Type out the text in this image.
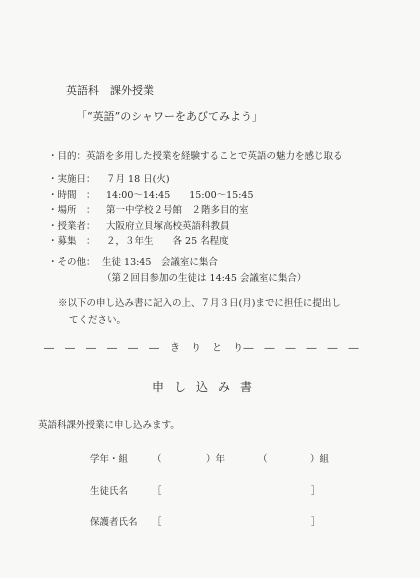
英語科　課外授業
「“英語”のシャワーをあびてみよう」
・目的：英語を多用した授業を経験することで英語の魅力を感じ取る
・実施日：	７月 18 日(火)
・時間　：	14:00～14:45　　15:00～15:45
・場所　：	第一中学校２号館　２階多目的室
・授業者：	大阪府立貝塚高校英語科教員
・募集　：	２，３年生　　各 25 名程度
・その他： 生徒 13:45　会議室に集合
（第２回目参加の生徒は 14:45 会議室に集合）
※以下の申し込み書に記入の上、７月３日(月)までに担任に提出し
てください。
―　―　―　―　―　―　き　り　と　り―　―　―　―　―　―
申し込み書
英語科課外授業に申し込みます。
学年・組	（	）年	（	）組
生徒氏名	［	］
保護者氏名 ［	］
